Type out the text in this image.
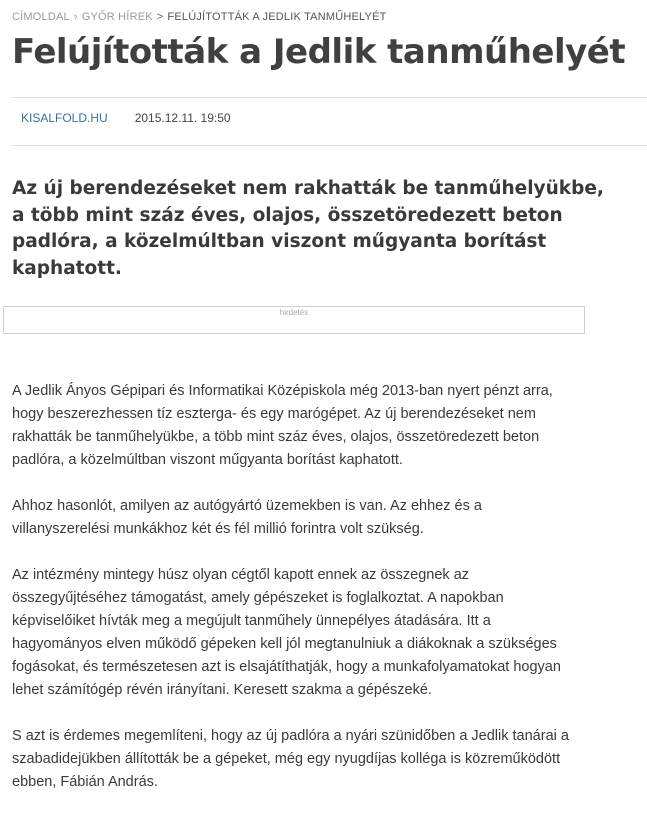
CÍMOLDAL › GYŐR HÍREK > FELÚJÍTOTTÁK A JEDLIK TANMŰHELYÉT
Felújították a Jedlik tanműhelyét
KISALFOLD.HU 2015.12.11. 19:50

Az új berendezéseket nem rakhatták be tanműhelyükbe, a több mint száz éves, olajos, összetöredezett beton padlóra, a közelmúltban viszont műgyanta borítást kaphatott.

hirdetés

A Jedlik Ányos Gépipari és Informatikai Középiskola még 2013-ban nyert pénzt arra, hogy beszerezhessen tíz eszterga- és egy marógépet. Az új berendezéseket nem rakhatták be tanműhelyükbe, a több mint száz éves, olajos, összetöredezett beton padlóra, a közelmúltban viszont műgyanta borítást kaphatott.

Ahhoz hasonlót, amilyen az autógyártó üzemekben is van. Az ehhez és a villanyszerelési munkákhoz két és fél millió forintra volt szükség.

Az intézmény mintegy húsz olyan cégtől kapott ennek az összegnek az összegyűjtéséhez támogatást, amely gépészeket is foglalkoztat. A napokban képviselőiket hívták meg a megújult tanműhely ünnepélyes átadására. Itt a hagyományos elven működő gépeken kell jól megtanulniuk a diákoknak a szükséges fogásokat, és természetesen azt is elsajátíthatják, hogy a munkafolyamatokat hogyan lehet számítógép révén irányítani. Keresett szakma a gépészeké.

S azt is érdemes megemlíteni, hogy az új padlóra a nyári szünidőben a Jedlik tanárai a szabadidejükben állították be a gépeket, még egy nyugdíjas kolléga is közreműködött ebben, Fábián András.
